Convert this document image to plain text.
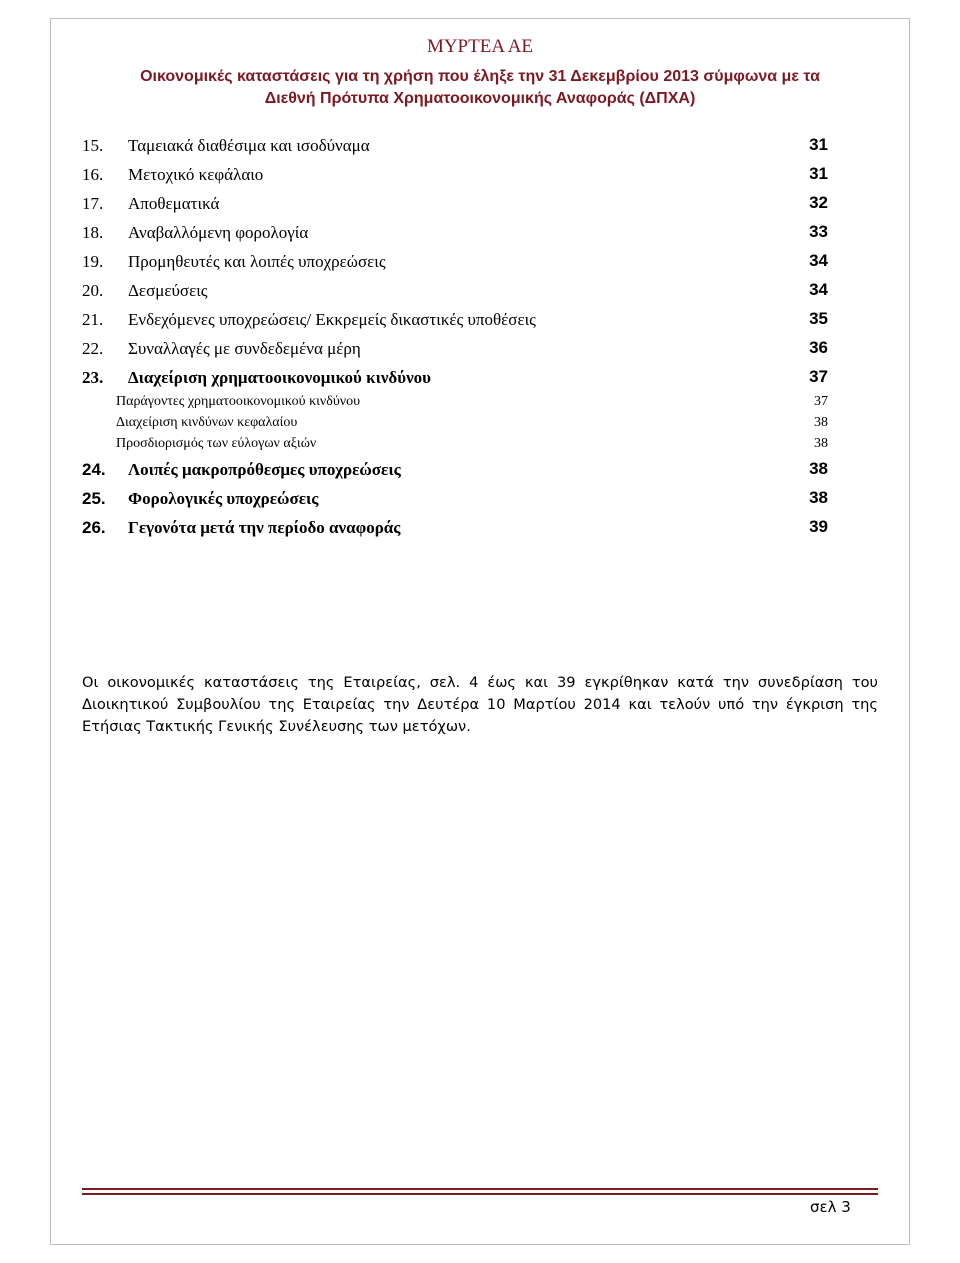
ΜΥΡΤΕΑ ΑΕ
Οικονομικές καταστάσεις για τη χρήση που έληξε την 31 Δεκεμβρίου 2013 σύμφωνα με τα
Διεθνή Πρότυπα Χρηματοοικονομικής Αναφοράς (ΔΠΧΑ)
15. Ταμειακά διαθέσιμα και ισοδύναμα	31
16. Μετοχικό κεφάλαιο	31
17. Αποθεματικά	32
18. Αναβαλλόμενη φορολογία	33
19. Προμηθευτές και λοιπές υποχρεώσεις	34
20. Δεσμεύσεις	34
21. Ενδεχόμενες υποχρεώσεις/ Εκκρεμείς δικαστικές υποθέσεις	35
22. Συναλλαγές με συνδεδεμένα μέρη	36
23. Διαχείριση χρηματοοικονομικού κινδύνου	37
Παράγοντες χρηματοοικονομικού κινδύνου	37
Διαχείριση κινδύνων κεφαλαίου	38
Προσδιορισμός των εύλογων αξιών	38
24. Λοιπές μακροπρόθεσμες υποχρεώσεις	38
25. Φορολογικές υποχρεώσεις	38
26. Γεγονότα μετά την περίοδο αναφοράς	39
Οι οικονομικές καταστάσεις της Εταιρείας, σελ. 4 έως και 39 εγκρίθηκαν κατά την συνεδρίαση του Διοικητικού Συμβουλίου της Εταιρείας την Δευτέρα 10 Μαρτίου 2014 και τελούν υπό την έγκριση της Ετήσιας Τακτικής Γενικής Συνέλευσης των μετόχων.
σελ 3
